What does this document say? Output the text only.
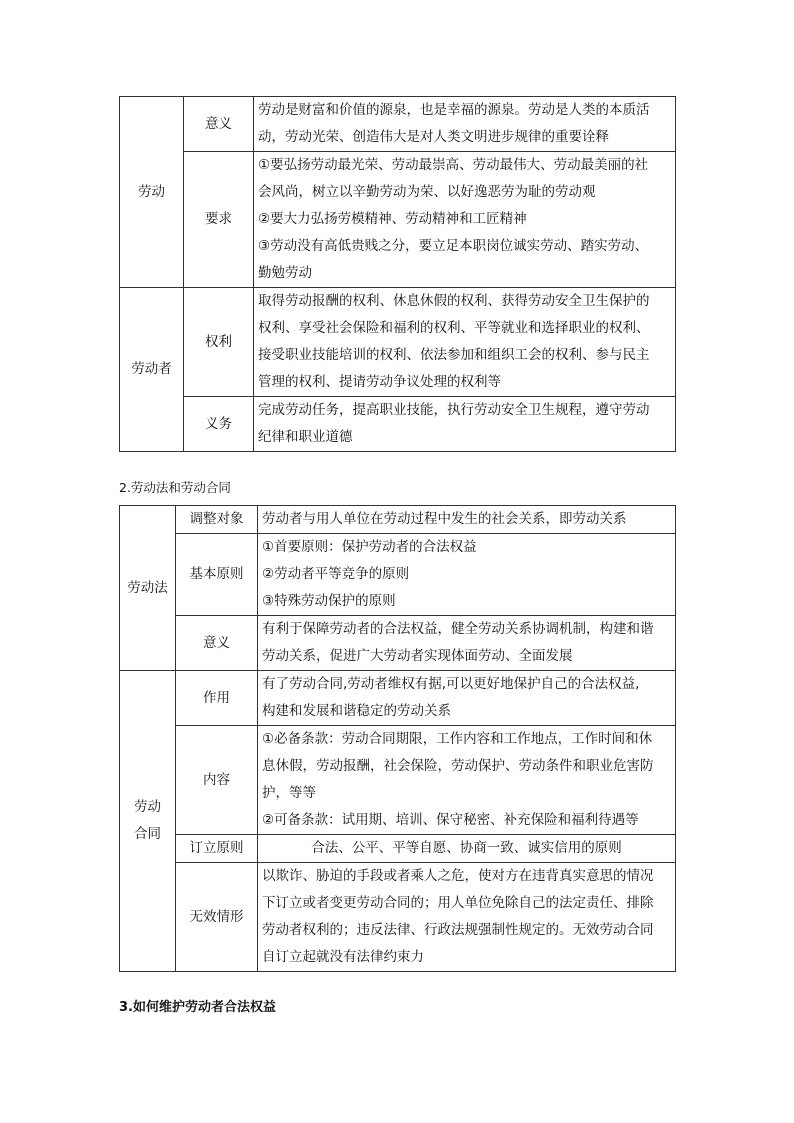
劳动	意义	劳动是财富和价值的源泉，也是幸福的源泉。劳动是人类的本质活
动，劳动光荣、创造伟大是对人类文明进步规律的重要诠释

	要求	①要弘扬劳动最光荣、劳动最崇高、劳动最伟大、劳动最美丽的社
会风尚，树立以辛勤劳动为荣、以好逸恶劳为耻的劳动观
②要大力弘扬劳模精神、劳动精神和工匠精神
③劳动没有高低贵贱之分，要立足本职岗位诚实劳动、踏实劳动、
勤勉劳动

劳动者	权利	取得劳动报酬的权利、休息休假的权利、获得劳动安全卫生保护的
权利、享受社会保险和福利的权利、平等就业和选择职业的权利、
接受职业技能培训的权利、依法参加和组织工会的权利、参与民主
管理的权利、提请劳动争议处理的权利等

	义务	完成劳动任务，提高职业技能，执行劳动安全卫生规程，遵守劳动
纪律和职业道德
2.劳动法和劳动合同
劳动法	调整对象	劳动者与用人单位在劳动过程中发生的社会关系，即劳动关系

	基本原则	①首要原则：保护劳动者的合法权益
②劳动者平等竞争的原则
③特殊劳动保护的原则

	意义	有利于保障劳动者的合法权益，健全劳动关系协调机制，构建和谐
劳动关系，促进广大劳动者实现体面劳动、全面发展

劳动
合同	作用	有了劳动合同,劳动者维权有据,可以更好地保护自己的合法权益,
构建和发展和谐稳定的劳动关系

	内容	①必备条款：劳动合同期限，工作内容和工作地点，工作时间和休
息休假，劳动报酬，社会保险，劳动保护、劳动条件和职业危害防
护，等等
②可备条款：试用期、培训、保守秘密、补充保险和福利待遇等

	订立原则	合法、公平、平等自愿、协商一致、诚实信用的原则
	无效情形	以欺诈、胁迫的手段或者乘人之危，使对方在违背真实意思的情况
下订立或者变更劳动合同的；用人单位免除自己的法定责任、排除
劳动者权利的；违反法律、行政法规强制性规定的。无效劳动合同
自订立起就没有法律约束力
3.如何维护劳动者合法权益
